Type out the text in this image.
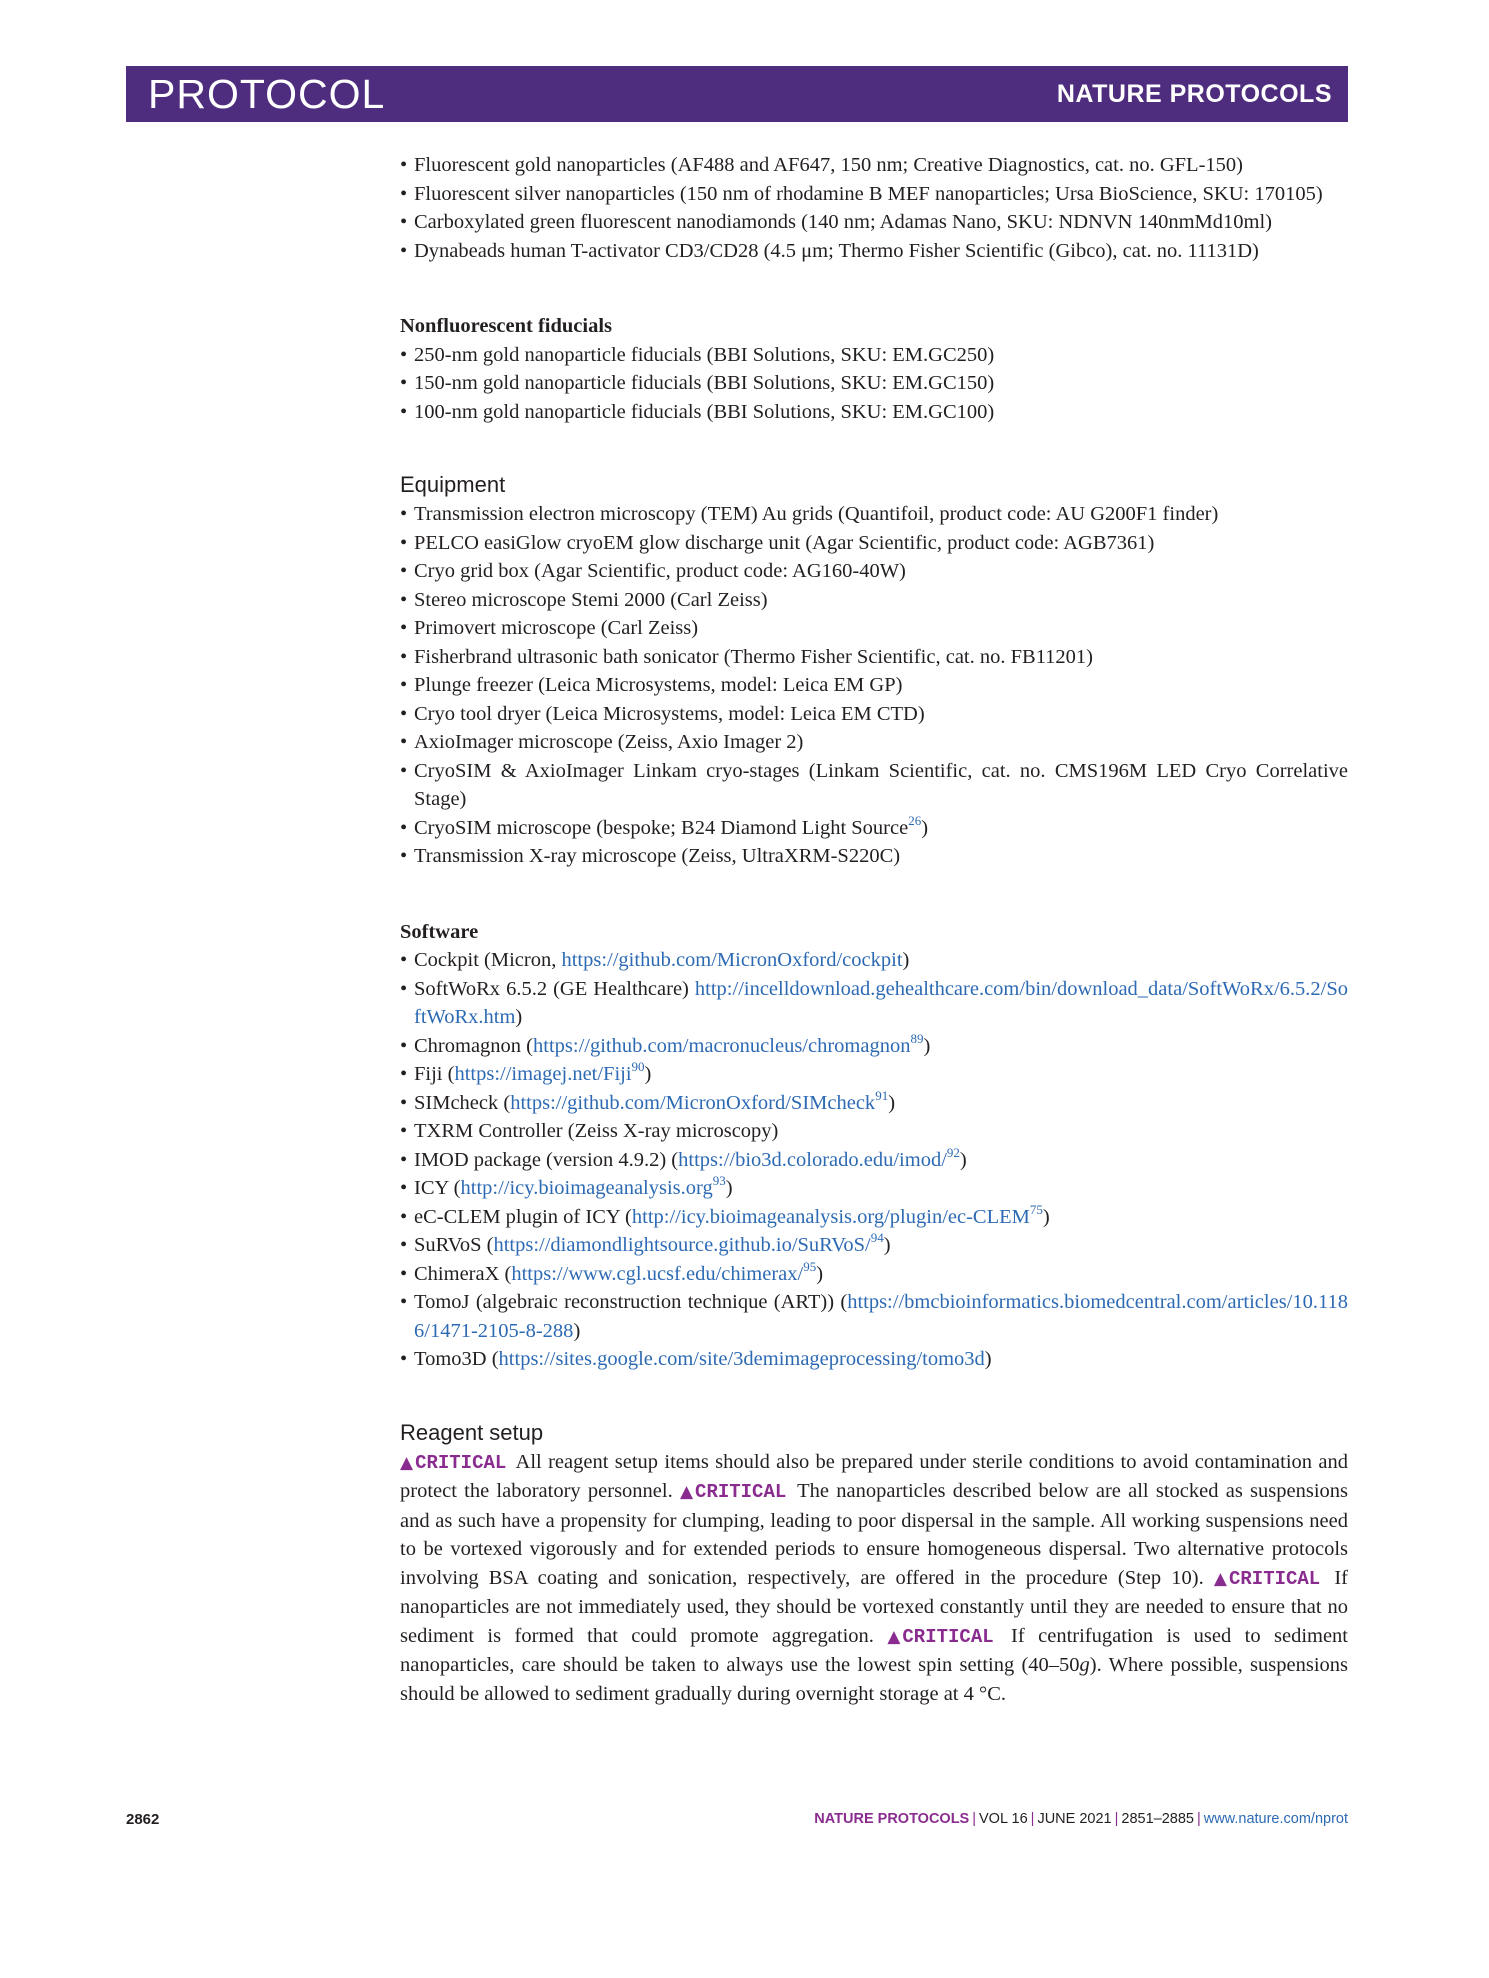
PROTOCOL	NATURE PROTOCOLS
• Fluorescent gold nanoparticles (AF488 and AF647, 150 nm; Creative Diagnostics, cat. no. GFL-150)
• Fluorescent silver nanoparticles (150 nm of rhodamine B MEF nanoparticles; Ursa BioScience, SKU: 170105)
• Carboxylated green fluorescent nanodiamonds (140 nm; Adamas Nano, SKU: NDNVN 140nmMd10ml)
• Dynabeads human T-activator CD3/CD28 (4.5 μm; Thermo Fisher Scientific (Gibco), cat. no. 11131D)
Nonfluorescent fiducials
• 250-nm gold nanoparticle fiducials (BBI Solutions, SKU: EM.GC250)
• 150-nm gold nanoparticle fiducials (BBI Solutions, SKU: EM.GC150)
• 100-nm gold nanoparticle fiducials (BBI Solutions, SKU: EM.GC100)
Equipment
• Transmission electron microscopy (TEM) Au grids (Quantifoil, product code: AU G200F1 finder)
• PELCO easiGlow cryoEM glow discharge unit (Agar Scientific, product code: AGB7361)
• Cryo grid box (Agar Scientific, product code: AG160-40W)
• Stereo microscope Stemi 2000 (Carl Zeiss)
• Primovert microscope (Carl Zeiss)
• Fisherbrand ultrasonic bath sonicator (Thermo Fisher Scientific, cat. no. FB11201)
• Plunge freezer (Leica Microsystems, model: Leica EM GP)
• Cryo tool dryer (Leica Microsystems, model: Leica EM CTD)
• AxioImager microscope (Zeiss, Axio Imager 2)
• CryoSIM & AxioImager Linkam cryo-stages (Linkam Scientific, cat. no. CMS196M LED Cryo Correlative Stage)
• CryoSIM microscope (bespoke; B24 Diamond Light Source$^{26}$)
• Transmission X-ray microscope (Zeiss, UltraXRM-S220C)
Software
• Cockpit (Micron, https://github.com/MicronOxford/cockpit)
• SoftWoRx 6.5.2 (GE Healthcare) http://incelldownload.gehealthcare.com/bin/download_data/SoftWoRx/6.5.2/SoftWoRx.htm)
• Chromagnon (https://github.com/macronucleus/chromagnon$^{89}$)
• Fiji (https://imagej.net/Fiji$^{90}$)
• SIMcheck (https://github.com/MicronOxford/SIMcheck$^{91}$)
• TXRM Controller (Zeiss X-ray microscopy)
• IMOD package (version 4.9.2) (https://bio3d.colorado.edu/imod/$^{92}$)
• ICY (http://icy.bioimageanalysis.org$^{93}$)
• eC-CLEM plugin of ICY (http://icy.bioimageanalysis.org/plugin/ec-CLEM$^{75}$)
• SuRVoS (https://diamondlightsource.github.io/SuRVoS/$^{94}$)
• ChimeraX (https://www.cgl.ucsf.edu/chimerax/$^{95}$)
• TomoJ (algebraic reconstruction technique (ART)) (https://bmcbioinformatics.biomedcentral.com/articles/10.1186/1471-2105-8-288)
• Tomo3D (https://sites.google.com/site/3demimageprocessing/tomo3d)
Reagent setup

▲ CRITICAL All reagent setup items should also be prepared under sterile conditions to avoid contamination and protect the laboratory personnel. ▲ CRITICAL The nanoparticles described below are all stocked as suspensions and as such have a propensity for clumping, leading to poor dispersal in the sample. All working suspensions need to be vortexed vigorously and for extended periods to ensure homogeneous dispersal. Two alternative protocols involving BSA coating and sonication, respectively, are offered in the procedure (Step 10). ▲ CRITICAL If nanoparticles are not immediately used, they should be vortexed constantly until they are needed to ensure that no sediment is formed that could promote aggregation. ▲ CRITICAL If centrifugation is used to sediment nanoparticles, care should be taken to always use the lowest spin setting (40–50g). Where possible, suspensions should be allowed to sediment gradually during overnight storage at 4 °C.

2862	NATURE PROTOCOLS | VOL 16 | JUNE 2021 | 2851–2885 | www.nature.com/nprot
